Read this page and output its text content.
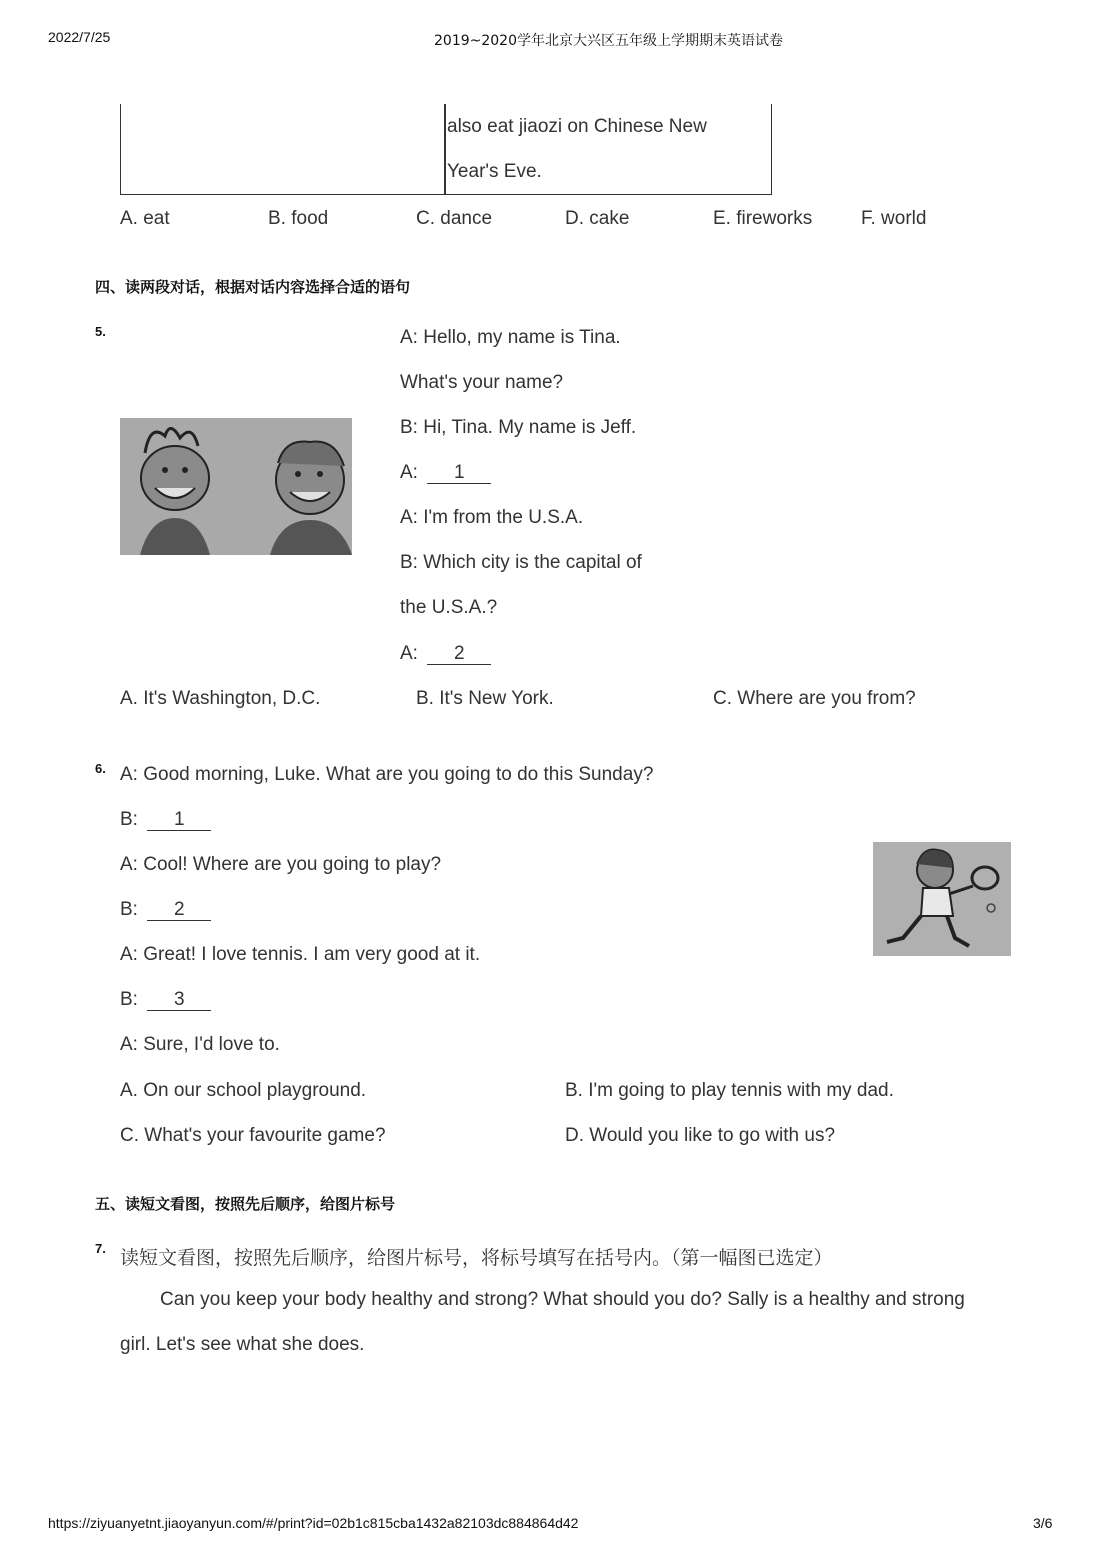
2022/7/25	2019~2020学年北京大兴区五年级上学期期末英语试卷
also eat jiaozi on Chinese New
Year's Eve.
A. eat	B. food	C. dance	D. cake	E. fireworks	F. world
四、读两段对话，根据对话内容选择合适的语句
5.	A: Hello, my name is Tina.
What's your name?
B: Hi, Tina. My name is Jeff.
A: 1
A: I'm from the U.S.A.
B: Which city is the capital of
the U.S.A.?
A: 2
A. It's Washington, D.C.	B. It's New York.	C. Where are you from?
6. A: Good morning, Luke. What are you going to do this Sunday?
B: 1
A: Cool! Where are you going to play?
B: 2
A: Great! I love tennis. I am very good at it.
B: 3
A: Sure, I'd love to.
A. On our school playground.	B. I'm going to play tennis with my dad.
C. What's your favourite game?	D. Would you like to go with us?
五、读短文看图，按照先后顺序，给图片标号
7. 读短文看图，按照先后顺序，给图片标号，将标号填写在括号内。（第一幅图已选定）
Can you keep your body healthy and strong? What should you do? Sally is a healthy and strong
girl. Let's see what she does.
https://ziyuanyetnt.jiaoyanyun.com/#/print?id=02b1c815cba1432a82103dc884864d42	3/6
